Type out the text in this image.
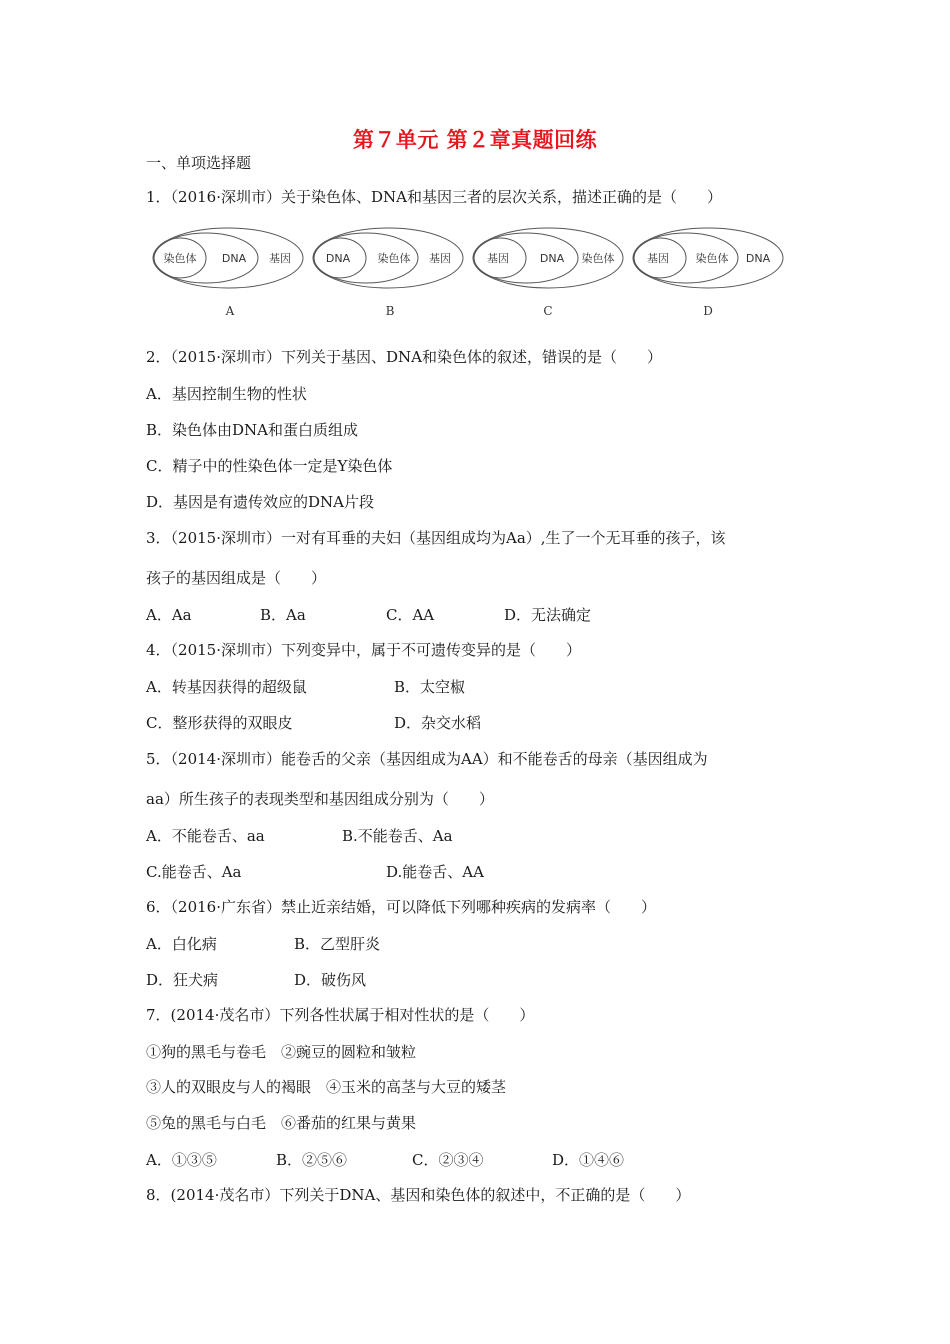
第７单元 第２章真题回练
一、单项选择题
1．（2016·深圳市）关于染色体、DNA和基因三者的层次关系，描述正确的是（　　）
染色体 DNA 基因
A
DNA 染色体 基因
B
基因	DNA 染色体
C
基因 染色体 DNA
D
2．（2015·深圳市）下列关于基因、DNA和染色体的叙述，错误的是（　　）
A．基因控制生物的性状
B．染色体由DNA和蛋白质组成
C．精子中的性染色体一定是Y染色体
D．基因是有遗传效应的DNA片段
3．（2015·深圳市）一对有耳垂的夫妇（基因组成均为Aa）,生了一个无耳垂的孩子，该
孩子的基因组成是（　　）
A．Aa	B．Aa	C．AA	D．无法确定
4．（2015·深圳市）下列变异中，属于不可遗传变异的是（　　）
A．转基因获得的超级鼠	B．太空椒
C．整形获得的双眼皮	D．杂交水稻
5．（2014·深圳市）能卷舌的父亲（基因组成为AA）和不能卷舌的母亲（基因组成为
aa）所生孩子的表现类型和基因组成分别为（　　）
A．不能卷舌、aa	B.不能卷舌、Aa
C.能卷舌、Aa	D.能卷舌、AA
6．（2016·广东省）禁止近亲结婚，可以降低下列哪种疾病的发病率（　　）
A．白化病	B．乙型肝炎
D．狂犬病	D．破伤风
7．(2014·茂名市）下列各性状属于相对性状的是（　　）
①狗的黑毛与卷毛　②豌豆的圆粒和皱粒
③人的双眼皮与人的褐眼　④玉米的高茎与大豆的矮茎
⑤兔的黑毛与白毛　⑥番茄的红果与黄果
A．①③⑤	B．②⑤⑥	C．②③④	D．①④⑥
8．(2014·茂名市）下列关于DNA、基因和染色体的叙述中，不正确的是（　　）
